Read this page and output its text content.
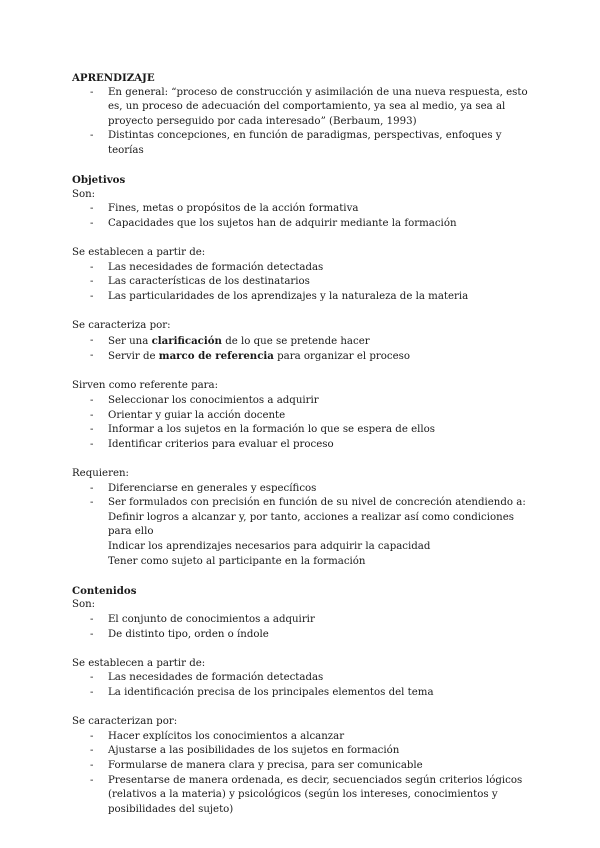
APRENDIZAJE
- En general: “proceso de construcción y asimilación de una nueva respuesta, esto es, un proceso de adecuación del comportamiento, ya sea al medio, ya sea al proyecto perseguido por cada interesado” (Berbaum, 1993)
- Distintas concepciones, en función de paradigmas, perspectivas, enfoques y teorías
Objetivos
Son:
- Fines, metas o propósitos de la acción formativa
- Capacidades que los sujetos han de adquirir mediante la formación
Se establecen a partir de:
- Las necesidades de formación detectadas
- Las características de los destinatarios
- Las particularidades de los aprendizajes y la naturaleza de la materia
Se caracteriza por:
- Ser una clarificación de lo que se pretende hacer
- Servir de marco de referencia para organizar el proceso
Sirven como referente para:
- Seleccionar los conocimientos a adquirir
- Orientar y guiar la acción docente
- Informar a los sujetos en la formación lo que se espera de ellos
- Identificar criterios para evaluar el proceso
Requieren:
- Diferenciarse en generales y específicos
- Ser formulados con precisión en función de su nivel de concreción atendiendo a:
Definir logros a alcanzar y, por tanto, acciones a realizar así como condiciones para ello
Indicar los aprendizajes necesarios para adquirir la capacidad
Tener como sujeto al participante en la formación
Contenidos
Son:
- El conjunto de conocimientos a adquirir
- De distinto tipo, orden o índole
Se establecen a partir de:
- Las necesidades de formación detectadas
- La identificación precisa de los principales elementos del tema
Se caracterizan por:
- Hacer explícitos los conocimientos a alcanzar
- Ajustarse a las posibilidades de los sujetos en formación
- Formularse de manera clara y precisa, para ser comunicable
- Presentarse de manera ordenada, es decir, secuenciados según criterios lógicos (relativos a la materia) y psicológicos (según los intereses, conocimientos y posibilidades del sujeto)
